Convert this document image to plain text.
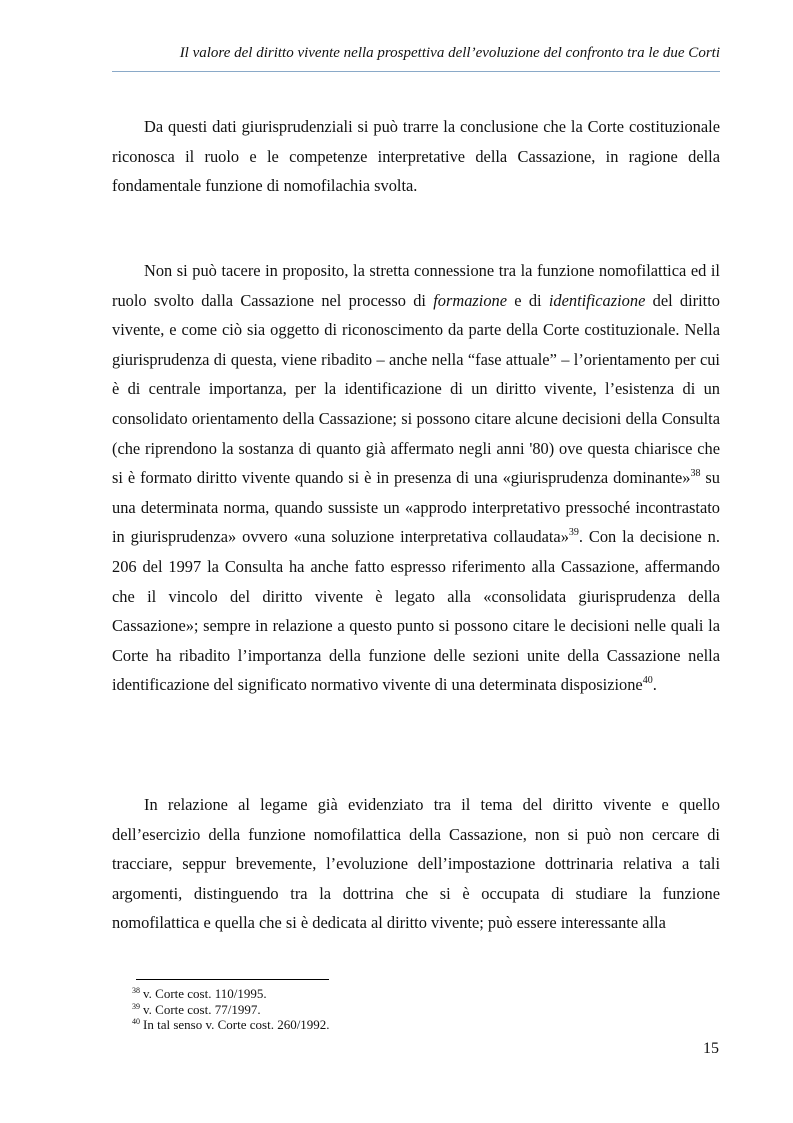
Il valore del diritto vivente nella prospettiva dell’evoluzione del confronto tra le due Corti

Da questi dati giurisprudenziali si può trarre la conclusione che la Corte costituzionale riconosca il ruolo e le competenze interpretative della Cassazione, in ragione della fondamentale funzione di nomofilachia svolta.

Non si può tacere in proposito, la stretta connessione tra la funzione nomofilattica ed il ruolo svolto dalla Cassazione nel processo di formazione e di identificazione del diritto vivente, e come ciò sia oggetto di riconoscimento da parte della Corte costituzionale. Nella giurisprudenza di questa, viene ribadito – anche nella “fase attuale” – l’orientamento per cui è di centrale importanza, per la identificazione di un diritto vivente, l’esistenza di un consolidato orientamento della Cassazione; si possono citare alcune decisioni della Consulta (che riprendono la sostanza di quanto già affermato negli anni '80) ove questa chiarisce che si è formato diritto vivente quando si è in presenza di una «giurisprudenza dominante»$^{38}$ su una determinata norma, quando sussiste un «approdo interpretativo pressoché incontrastato in giurisprudenza» ovvero «una soluzione interpretativa collaudata»$^{39}$. Con la decisione n. 206 del 1997 la Consulta ha anche fatto espresso riferimento alla Cassazione, affermando che il vincolo del diritto vivente è legato alla «consolidata giurisprudenza della Cassazione»; sempre in relazione a questo punto si possono citare le decisioni nelle quali la Corte ha ribadito l’importanza della funzione delle sezioni unite della Cassazione nella identificazione del significato normativo vivente di una determinata disposizione$^{40}$.

In relazione al legame già evidenziato tra il tema del diritto vivente e quello dell’esercizio della funzione nomofilattica della Cassazione, non si può non cercare di tracciare, seppur brevemente, l’evoluzione dell’impostazione dottrinaria relativa a tali argomenti, distinguendo tra la dottrina che si è occupata di studiare la funzione nomofilattica e quella che si è dedicata al diritto vivente; può essere interessante alla

$^{38}$ v. Corte cost. 110/1995.
$^{39}$ v. Corte cost. 77/1997.
$^{40}$ In tal senso v. Corte cost. 260/1992.
15
